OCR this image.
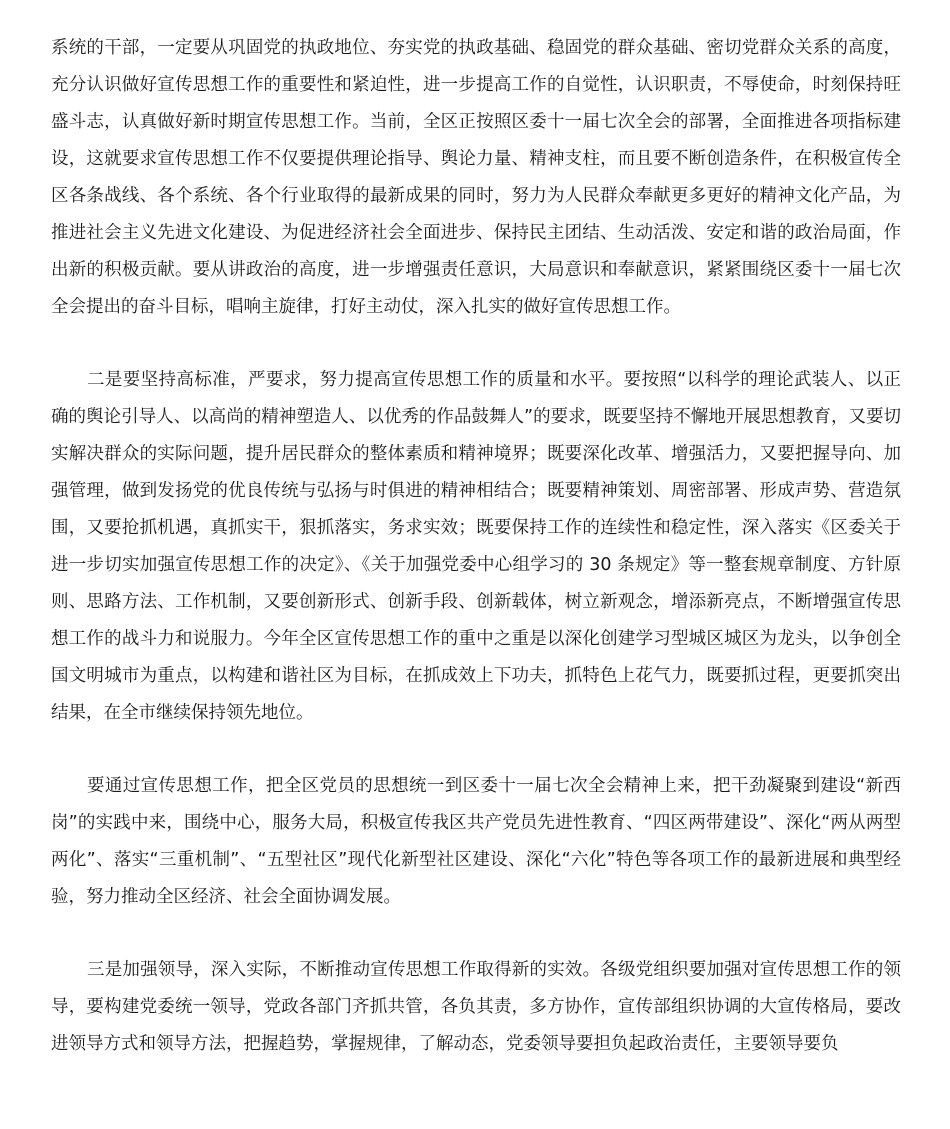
系统的干部，一定要从巩固党的执政地位、夯实党的执政基础、稳固党的群众基础、密切党群众关系的高度，充分认识做好宣传思想工作的重要性和紧迫性，进一步提高工作的自觉性，认识职责，不辱使命，时刻保持旺盛斗志，认真做好新时期宣传思想工作。当前，全区正按照区委十一届七次全会的部署，全面推进各项指标建设，这就要求宣传思想工作不仅要提供理论指导、舆论力量、精神支柱，而且要不断创造条件，在积极宣传全区各条战线、各个系统、各个行业取得的最新成果的同时，努力为人民群众奉献更多更好的精神文化产品，为推进社会主义先进文化建设、为促进经济社会全面进步、保持民主团结、生动活泼、安定和谐的政治局面，作出新的积极贡献。要从讲政治的高度，进一步增强责任意识，大局意识和奉献意识，紧紧围绕区委十一届七次全会提出的奋斗目标，唱响主旋律，打好主动仗，深入扎实的做好宣传思想工作。

二是要坚持高标准，严要求，努力提高宣传思想工作的质量和水平。要按照“以科学的理论武装人、以正确的舆论引导人、以高尚的精神塑造人、以优秀的作品鼓舞人”的要求，既要坚持不懈地开展思想教育，又要切实解决群众的实际问题，提升居民群众的整体素质和精神境界；既要深化改革、增强活力，又要把握导向、加强管理，做到发扬党的优良传统与弘扬与时俱进的精神相结合；既要精神策划、周密部署、形成声势、营造氛围，又要抢抓机遇，真抓实干，狠抓落实，务求实效；既要保持工作的连续性和稳定性，深入落实《区委关于进一步切实加强宣传思想工作的决定》、《关于加强党委中心组学习的 30 条规定》等一整套规章制度、方针原则、思路方法、工作机制，又要创新形式、创新手段、创新载体，树立新观念，增添新亮点，不断增强宣传思想工作的战斗力和说服力。今年全区宣传思想工作的重中之重是以深化创建学习型城区城区为龙头，以争创全国文明城市为重点，以构建和谐社区为目标，在抓成效上下功夫，抓特色上花气力，既要抓过程，更要抓突出结果，在全市继续保持领先地位。

要通过宣传思想工作，把全区党员的思想统一到区委十一届七次全会精神上来，把干劲凝聚到建设“新西岗”的实践中来，围绕中心，服务大局，积极宣传我区共产党员先进性教育、“四区两带建设”、深化“两从两型两化”、落实“三重机制”、“五型社区”现代化新型社区建设、深化“六化”特色等各项工作的最新进展和典型经验，努力推动全区经济、社会全面协调发展。

三是加强领导，深入实际，不断推动宣传思想工作取得新的实效。各级党组织要加强对宣传思想工作的领导，要构建党委统一领导，党政各部门齐抓共管，各负其责，多方协作，宣传部组织协调的大宣传格局，要改进领导方式和领导方法，把握趋势，掌握规律，了解动态，党委领导要担负起政治责任，主要领导要负
